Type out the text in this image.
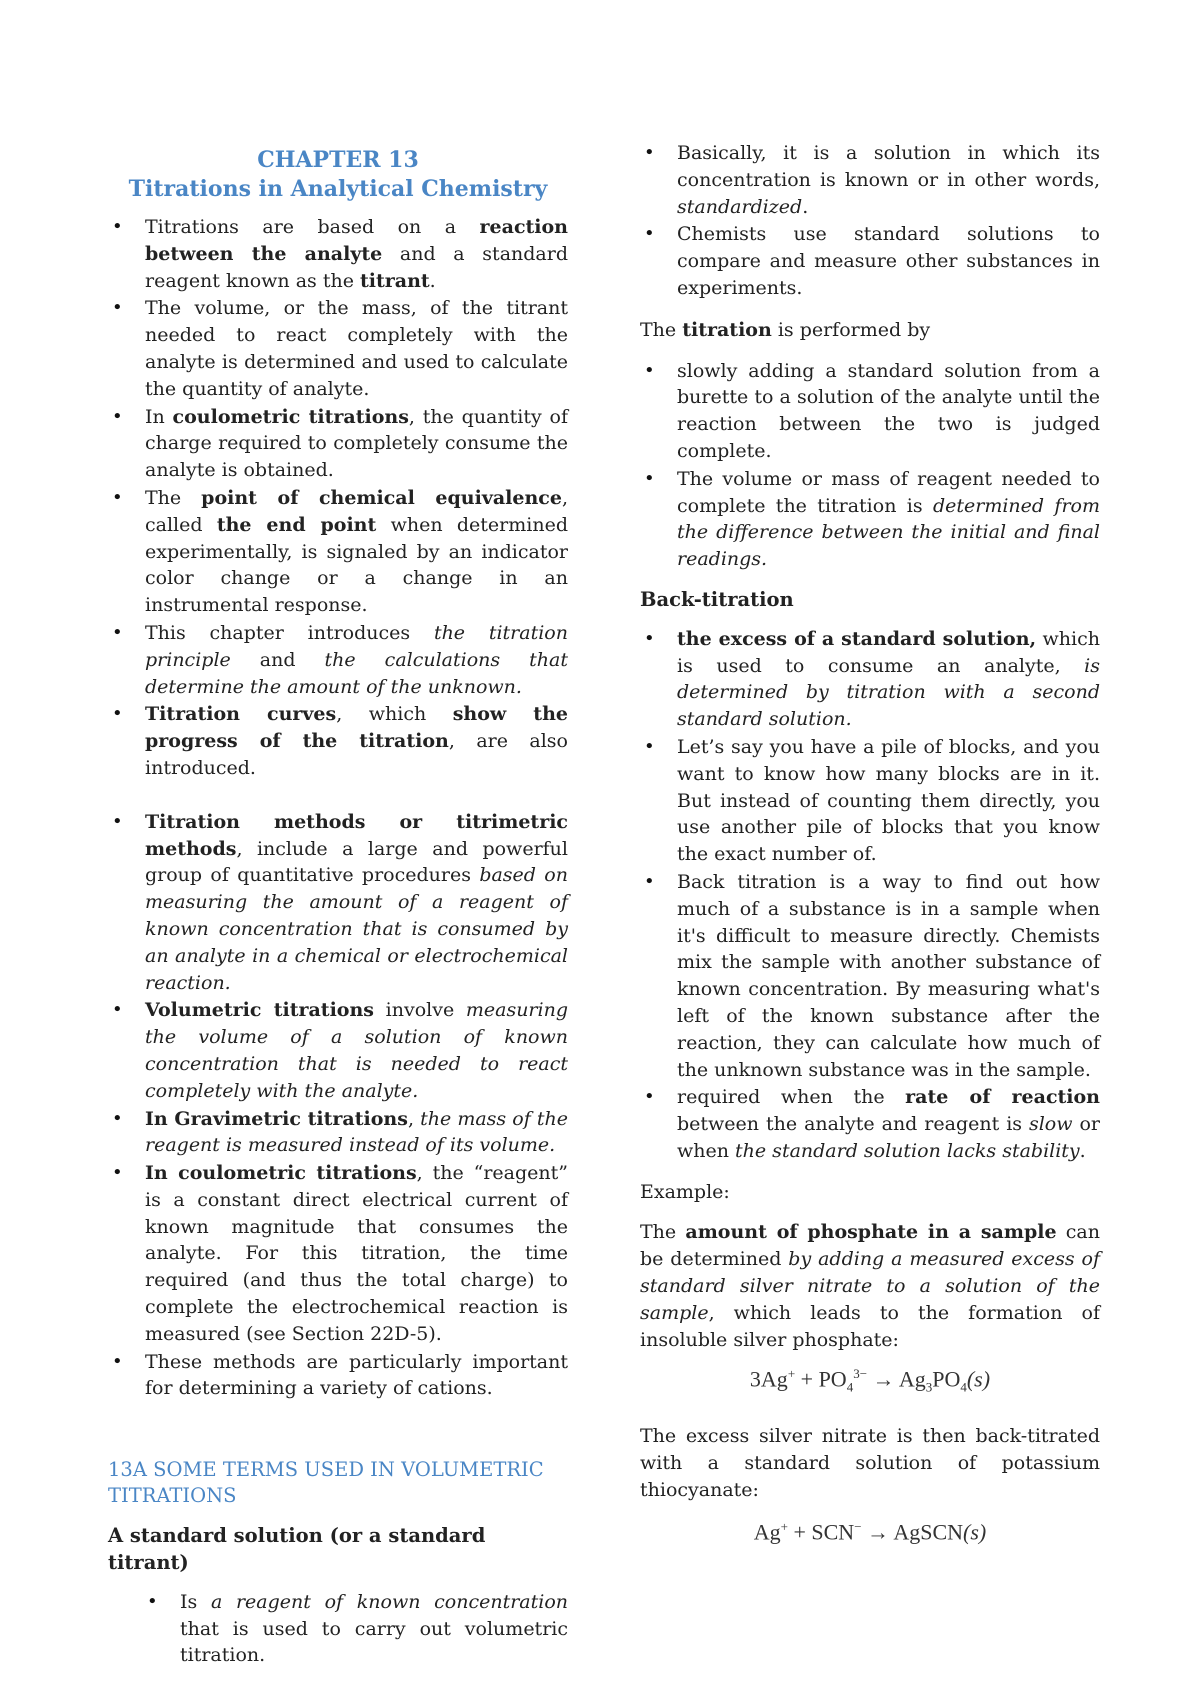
CHAPTER 13
Titrations in Analytical Chemistry
• Titrations are based on a reaction between the analyte and a standard reagent known as the titrant.
• The volume, or the mass, of the titrant needed to react completely with the analyte is determined and used to calculate the quantity of analyte.
• In coulometric titrations, the quantity of charge required to completely consume the analyte is obtained.
• The point of chemical equivalence, called the end point when determined experimentally, is signaled by an indicator color change or a change in an instrumental response.
• This chapter introduces the titration principle and the calculations that determine the amount of the unknown.
• Titration curves, which show the progress of the titration, are also introduced.
• Titration methods or titrimetric methods, include a large and powerful group of quantitative procedures based on measuring the amount of a reagent of known concentration that is consumed by an analyte in a chemical or electrochemical reaction.
• Volumetric titrations involve measuring the volume of a solution of known concentration that is needed to react completely with the analyte.
• In Gravimetric titrations, the mass of the reagent is measured instead of its volume.
• In coulometric titrations, the “reagent” is a constant direct electrical current of known magnitude that consumes the analyte. For this titration, the time required (and thus the total charge) to complete the electrochemical reaction is measured (see Section 22D-5).
• These methods are particularly important for determining a variety of cations.
13A SOME TERMS USED IN VOLUMETRIC TITRATIONS
A standard solution (or a standard titrant)
• Is a reagent of known concentration that is used to carry out volumetric titration.
• Basically, it is a solution in which its concentration is known or in other words, standardized.
• Chemists use standard solutions to compare and measure other substances in experiments.

The titration is performed by

• slowly adding a standard solution from a burette to a solution of the analyte until the reaction between the two is judged complete.
• The volume or mass of reagent needed to complete the titration is determined from the difference between the initial and final readings.
Back-titration
• the excess of a standard solution, which is used to consume an analyte, is determined by titration with a second standard solution.
• Let’s say you have a pile of blocks, and you want to know how many blocks are in it. But instead of counting them directly, you use another pile of blocks that you know the exact number of.
• Back titration is a way to find out how much of a substance is in a sample when it's difficult to measure directly. Chemists mix the sample with another substance of known concentration. By measuring what's left of the known substance after the reaction, they can calculate how much of the unknown substance was in the sample.
• required when the rate of reaction between the analyte and reagent is slow or when the standard solution lacks stability.

Example:

The amount of phosphate in a sample can be determined by adding a measured excess of standard silver nitrate to a solution of the sample, which leads to the formation of insoluble silver phosphate:

$3Ag^+ + PO_4^{3-} \to Ag_3PO_4(s)$

The excess silver nitrate is then back-titrated with a standard solution of potassium thiocyanate:

Ag+ + SCN− → AgSCN(s)
